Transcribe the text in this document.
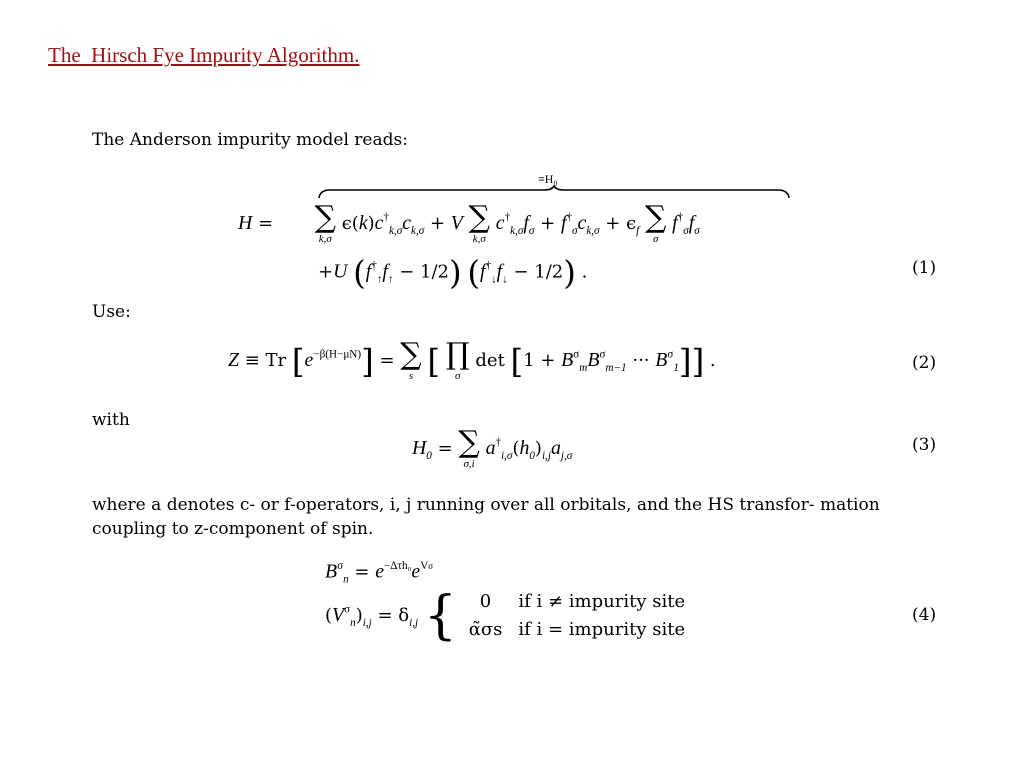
The  Hirsch Fye Impurity Algorithm.
The Anderson impurity model reads:
≡H₀
H = ∑
k,σ
$\epsilon(k)c^\dagger_{k,\sigma}c_{k,\sigma} + V$ ∑
k,σ
$c^\dagger_{k,\sigma}f_\sigma + f^\dagger_\sigma c_{k,\sigma} + \epsilon_f$ ∑
σ
$f^\dagger_\sigma f_\sigma$
+U $(f^\dagger_↑f_↑ - 1/2) (f^\dagger_↓f_↓ - 1/2)$ .	(1)
Use:
Z ≡ Tr $[e^{-\beta(H-\mu N)}]$ = ∑
s [ ∏
σ
$\det [1 + B^\sigma_mB^\sigma_{m-1}$ ··· $B^\sigma_1$]] .	(2)
with
$H_0$ = ∑
σ,i
$a^\dagger_{i,\sigma}(h_0)_{i,j}a_{j,\sigma}$
(3)
where a denotes c- or f-operators, i, j running over all orbitals, and the HS transfor- mation coupling to z-component of spin.
$B^\sigma_n = e^{-\Delta\tau h_0}e^{V\sigma}$
$(V^\sigma_n)_{i,j} = \delta_{i,j}$ { 0	if i ≠ impurity site
α̃σs	if i = impurity site
(4)
